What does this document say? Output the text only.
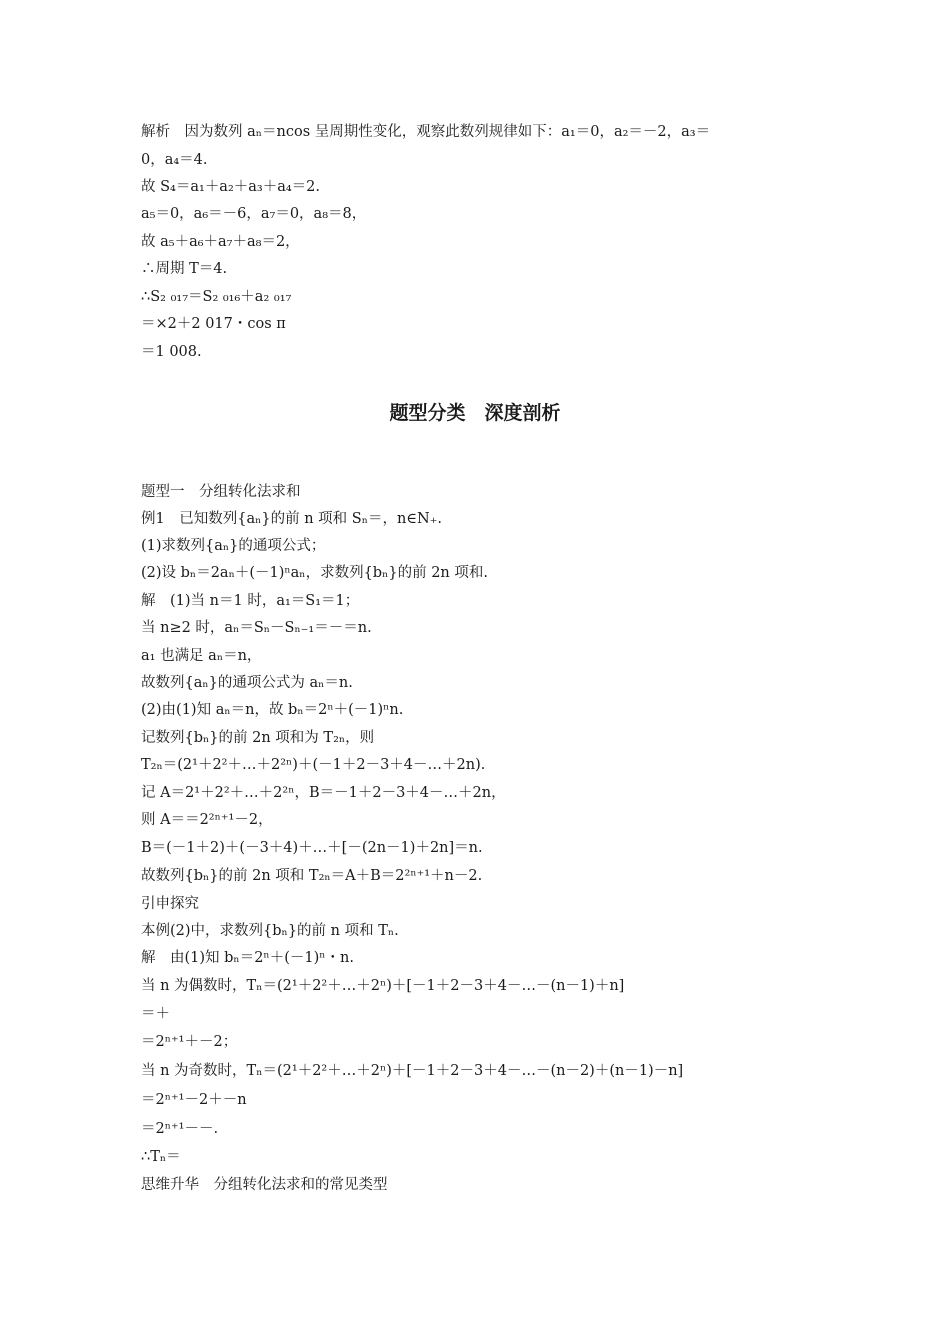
解析　因为数列 aₙ＝ncos 呈周期性变化，观察此数列规律如下：a₁＝0，a₂＝－2，a₃＝
0，a₄＝4.
故 S₄＝a₁＋a₂＋a₃＋a₄＝2.
a₅＝0，a₆＝－6，a₇＝0，a₈＝8，
故 a₅＋a₆＋a₇＋a₈＝2，
∴周期 T＝4.
∴S₂ ₀₁₇＝S₂ ₀₁₆＋a₂ ₀₁₇
＝×2＋2 017・cos π
＝1 008.
题型分类　深度剖析
题型一　分组转化法求和
例1　已知数列{aₙ}的前 n 项和 Sₙ＝，n∈N₊.
(1)求数列{aₙ}的通项公式；
(2)设 bₙ＝2aₙ＋(－1)ⁿaₙ，求数列{bₙ}的前 2n 项和.
解　(1)当 n＝1 时，a₁＝S₁＝1；
当 n≥2 时，aₙ＝Sₙ－Sₙ₋₁＝－＝n.
a₁ 也满足 aₙ＝n，
故数列{aₙ}的通项公式为 aₙ＝n.
(2)由(1)知 aₙ＝n，故 bₙ＝2ⁿ＋(－1)ⁿn.
记数列{bₙ}的前 2n 项和为 T₂ₙ，则
T₂ₙ＝(2¹＋2²＋…＋2²ⁿ)＋(－1＋2－3＋4－…＋2n).
记 A＝2¹＋2²＋…＋2²ⁿ，B＝－1＋2－3＋4－…＋2n，
则 A＝＝2²ⁿ⁺¹－2，
B＝(－1＋2)＋(－3＋4)＋…＋[－(2n－1)＋2n]＝n.
故数列{bₙ}的前 2n 项和 T₂ₙ＝A＋B＝2²ⁿ⁺¹＋n－2.
引申探究
本例(2)中，求数列{bₙ}的前 n 项和 Tₙ.
解　由(1)知 bₙ＝2ⁿ＋(－1)ⁿ・n.
当 n 为偶数时，Tₙ＝(2¹＋2²＋…＋2ⁿ)＋[－1＋2－3＋4－…－(n－1)＋n]
＝＋
＝2ⁿ⁺¹＋－2；
当 n 为奇数时，Tₙ＝(2¹＋2²＋…＋2ⁿ)＋[－1＋2－3＋4－…－(n－2)＋(n－1)－n]
＝2ⁿ⁺¹－2＋－n
＝2ⁿ⁺¹－－.
∴Tₙ＝
思维升华　分组转化法求和的常见类型
